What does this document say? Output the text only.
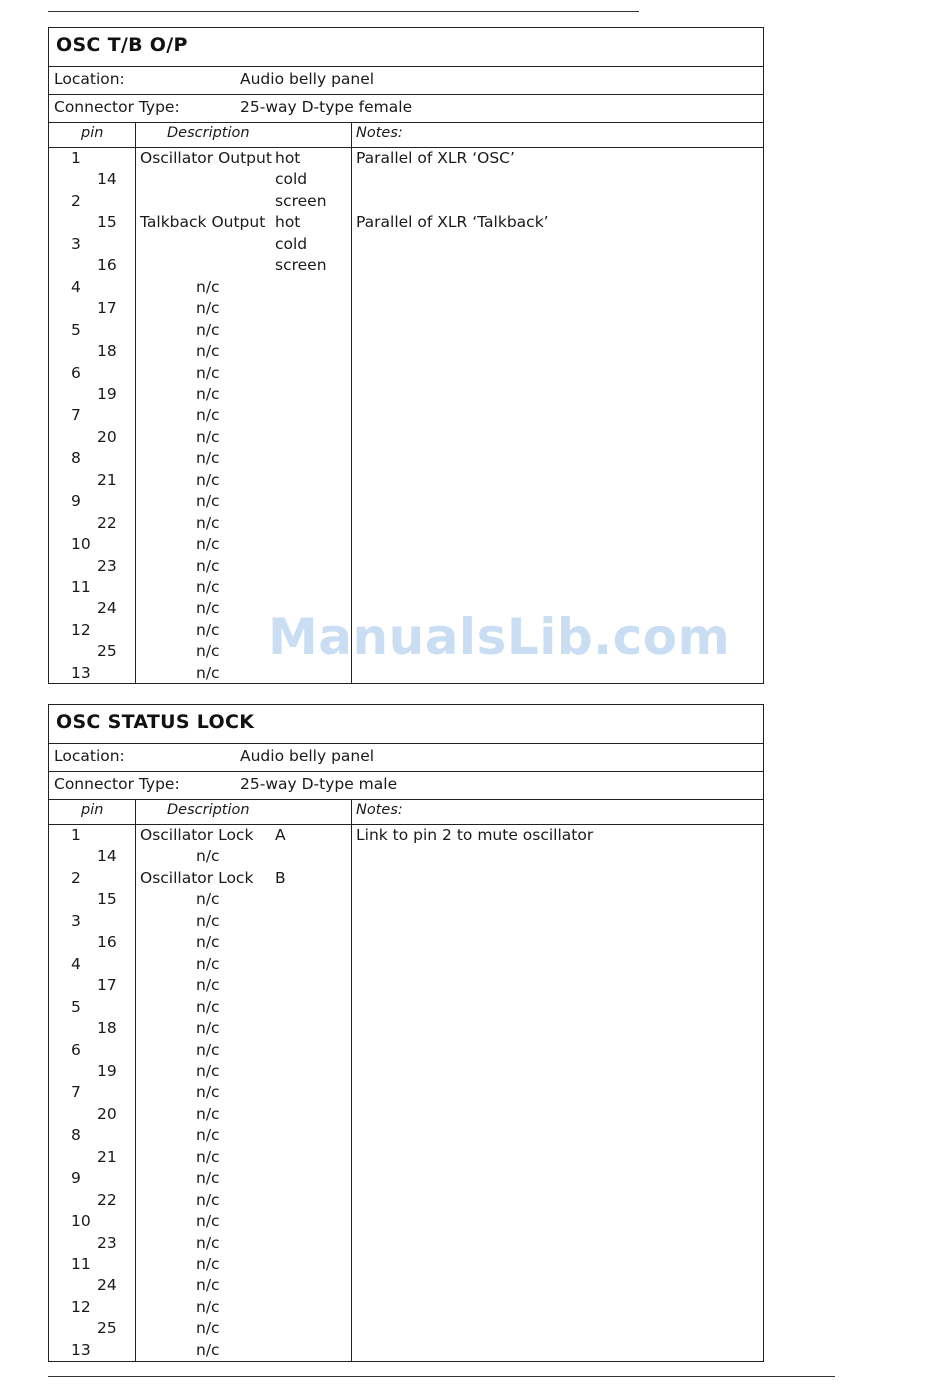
OSC T/B O/P
Location:	Audio belly panel
Connector Type:	25-way D-type female
pin	Description	Notes:
1	Oscillator Output hot	Parallel of XLR ‘OSC’
14	cold
2	screen
15 Talkback Output hot	Parallel of XLR ‘Talkback’
3	cold
16	screen
4	n/c
17	n/c
5	n/c
18	n/c
6	n/c
19	n/c
7	n/c
20	n/c
8	n/c
21	n/c
9	n/c
22	n/c
10	n/c
23	n/c
11	n/c
24	n/c
12	n/c
25	n/c
13	n/c
OSC STATUS LOCK
Location:	Audio belly panel
Connector Type:	25-way D-type male
pin	Description	Notes:
1	Oscillator Lock A	Link to pin 2 to mute oscillator
14	n/c
2	Oscillator Lock B
15	n/c
3	n/c
16	n/c
4	n/c
17	n/c
5	n/c
18	n/c
6	n/c
19	n/c
7	n/c
20	n/c
8	n/c
21	n/c
9	n/c
22	n/c
10	n/c
23	n/c
11	n/c
24	n/c
12	n/c
25	n/c
13	n/c
ManualsLib.com
